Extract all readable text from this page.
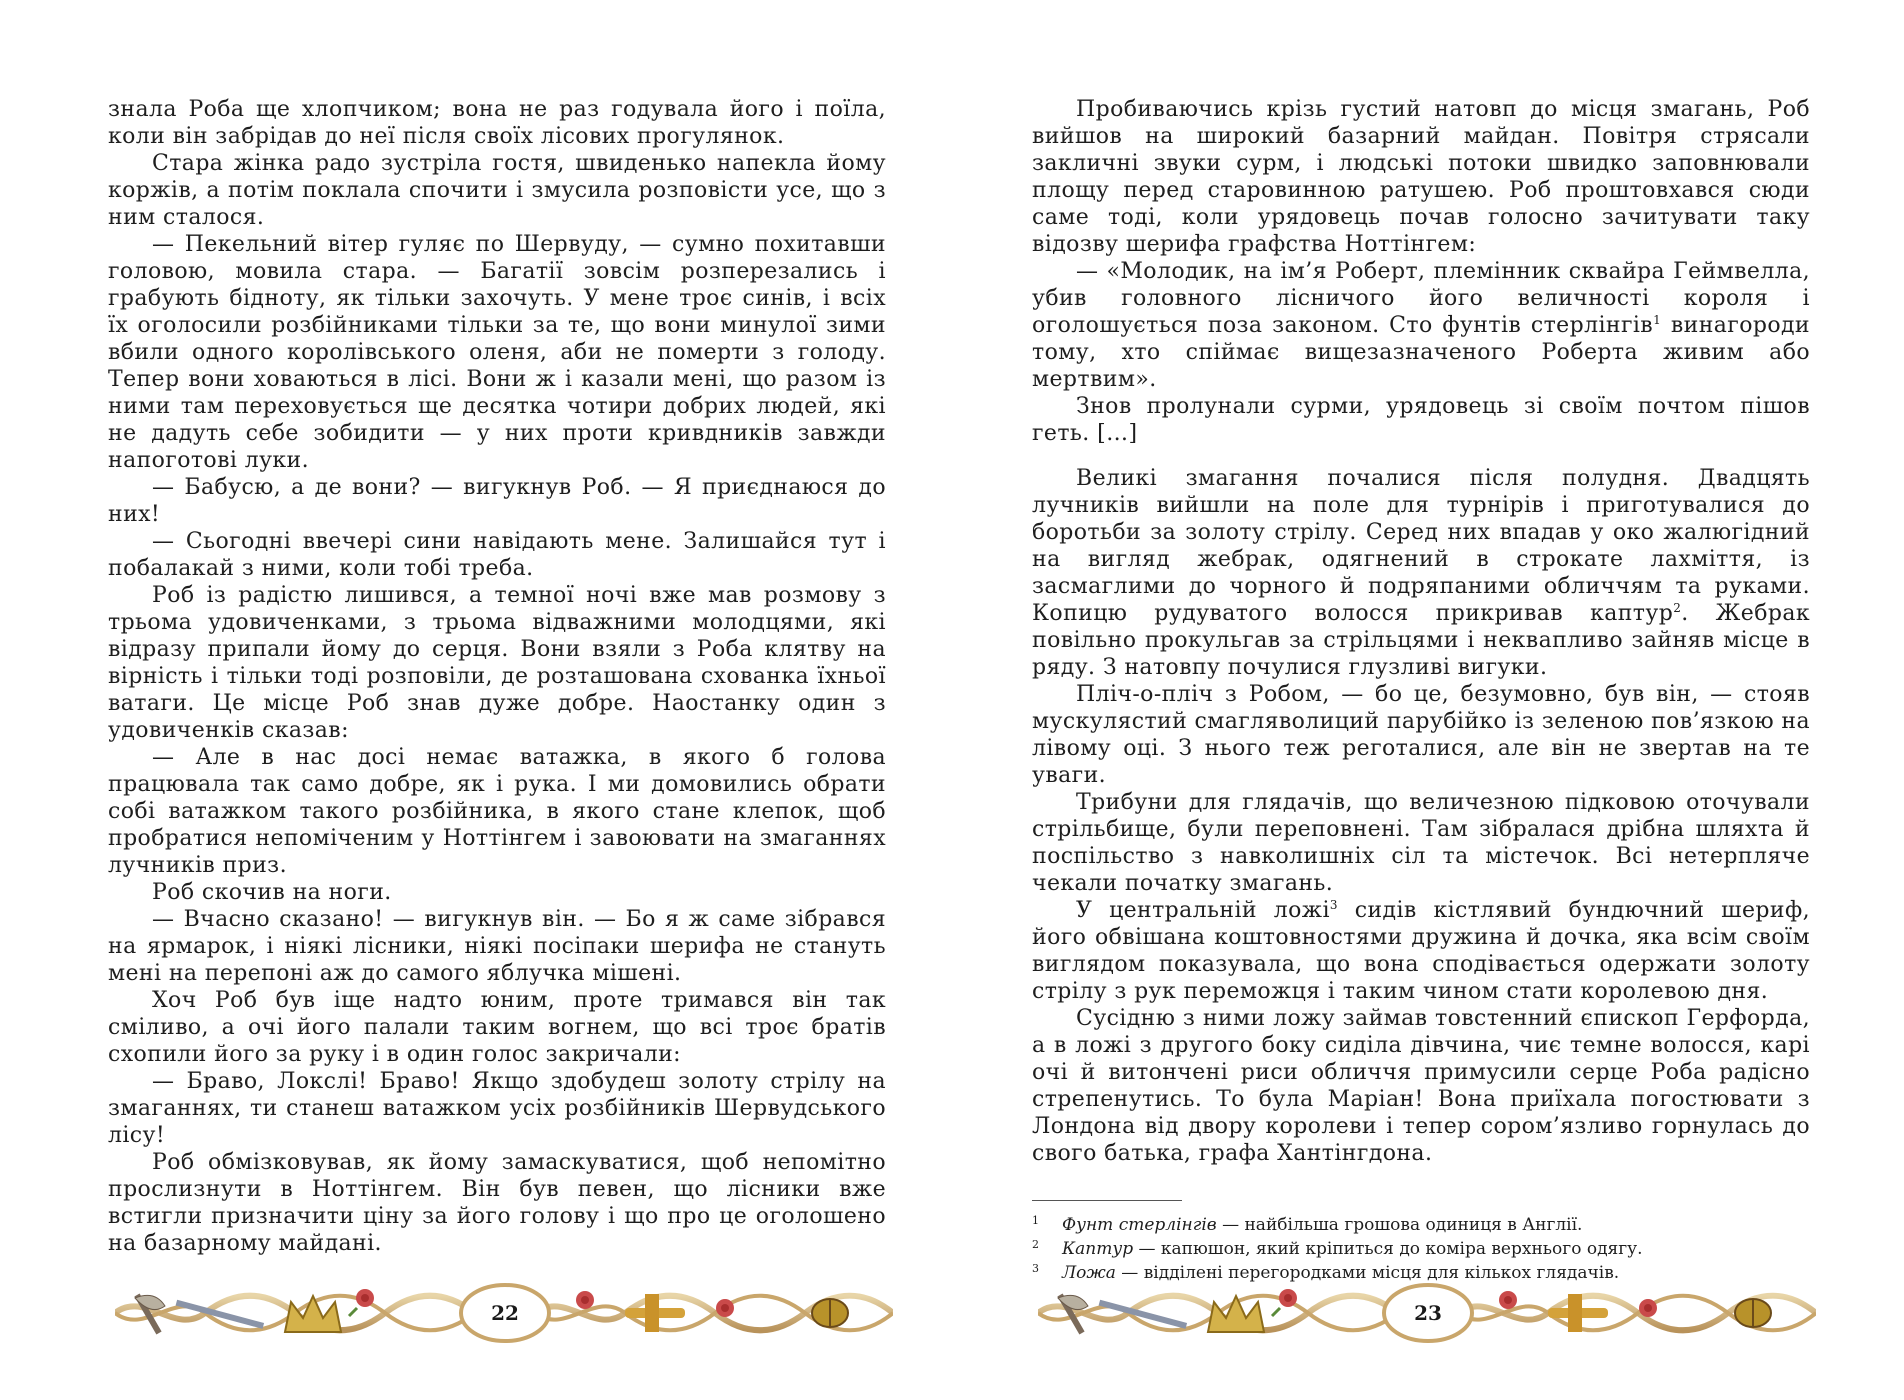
знала Роба ще хлопчиком; вона не раз годувала його і поїла, коли він забрідав до неї після своїх лісових прогулянок.

Стара жінка радо зустріла гостя, швиденько напекла йому коржів, а потім поклала спочити і змусила розповісти усе, що з ним сталося.

— Пекельний вітер гуляє по Шервуду, — сумно похитавши головою, мовила стара. — Багатії зовсім розперезались і грабують бідноту, як тільки захочуть. У мене троє синів, і всіх їх оголосили розбійниками тільки за те, що вони минулої зими вбили одного королівського оленя, аби не померти з голоду. Тепер вони ховаються в лісі. Вони ж і казали мені, що разом із ними там переховується ще десятка чотири добрих людей, які не дадуть себе зобидити — у них проти кривдників завжди напоготові луки.

— Бабусю, а де вони? — вигукнув Роб. — Я приєднаюся до них!

— Сьогодні ввечері сини навідають мене. Залишайся тут і побалакай з ними, коли тобі треба.

Роб із радістю лишився, а темної ночі вже мав розмову з трьома удовиченками, з трьома відважними молодцями, які відразу припали йому до серця. Вони взяли з Роба клятву на вірність і тільки тоді розповіли, де розташована схованка їхньої ватаги. Це місце Роб знав дуже добре. Наостанку один з удовиченків сказав:

— Але в нас досі немає ватажка, в якого б голова працювала так само добре, як і рука. І ми домовились обрати собі ватажком такого розбійника, в якого стане клепок, щоб пробратися непоміченим у Ноттінгем і завоювати на змаганнях лучників приз.

Роб скочив на ноги.

— Вчасно сказано! — вигукнув він. — Бо я ж саме зібрався на ярмарок, і ніякі лісники, ніякі посіпаки шерифа не стануть мені на перепоні аж до самого яблучка мішені.

Хоч Роб був іще надто юним, проте тримався він так сміливо, а очі його палали таким вогнем, що всі троє братів схопили його за руку і в один голос закричали:

— Браво, Локслі! Браво! Якщо здобудеш золоту стрілу на змаганнях, ти станеш ватажком усіх розбійників Шервудського лісу!

Роб обмізковував, як йому замаскуватися, щоб непомітно прослизнути в Ноттінгем. Він був певен, що лісники вже встигли призначити ціну за його голову і що про це оголошено на базарному майдані.

22

Пробиваючись крізь густий натовп до місця змагань, Роб вийшов на широкий базарний майдан. Повітря стрясали закличні звуки сурм, і людські потоки швидко заповнювали площу перед старовинною ратушею. Роб проштовхався сюди саме тоді, коли урядовець почав голосно зачитувати таку відозву шерифа графства Ноттінгем:

— «Молодик, на ім’я Роберт, племінник сквайра Геймвелла, убив головного лісничого його величності короля і оголошується поза законом. Сто фунтів стерлінгів$^1$ винагороди тому, хто спіймає вищезазначеного Роберта живим або мертвим».

Знов пролунали сурми, урядовець зі своїм почтом пішов геть. […]

Великі змагання почалися після полудня. Двадцять лучників вийшли на поле для турнірів і приготувалися до боротьби за золоту стрілу. Серед них впадав у око жалюгідний на вигляд жебрак, одягнений в строкате лахміття, із засмаглими до чорного й подряпаними обличчям та руками. Копицю рудуватого волосся прикривав каптур$^2$. Жебрак повільно прокульгав за стрільцями і неквапливо зайняв місце в ряду. З натовпу почулися глузливі вигуки.

Пліч-о-пліч з Робом, — бо це, безумовно, був він, — стояв мускулястий смагляволиций парубійко із зеленою пов’язкою на лівому оці. З нього теж реготалися, але він не звертав на те уваги.

Трибуни для глядачів, що величезною підковою оточували стрільбище, були переповнені. Там зібралася дрібна шляхта й поспільство з навколишніх сіл та містечок. Всі нетерпляче чекали початку змагань.

У центральній ложі$^3$ сидів кістлявий бундючний шериф, його обвішана коштовностями дружина й дочка, яка всім своїм виглядом показувала, що вона сподівається одержати золоту стрілу з рук переможця і таким чином стати королевою дня.

Сусідню з ними ложу займав товстенний єпископ Герфорда, а в ложі з другого боку сиділа дівчина, чиє темне волосся, карі очі й витончені риси обличчя примусили серце Роба радісно стрепенутись. То була Маріан! Вона приїхала погостювати з Лондона від двору королеви і тепер сором’язливо горнулась до свого батька, графа Хантінгдона.

1	Фунт стерлінгів — найбільша грошова одиниця в Англії.
2	Каптур — капюшон, який кріпиться до коміра верхнього одягу.
3	Ложа — відділені перегородками місця для кількох глядачів.
23
